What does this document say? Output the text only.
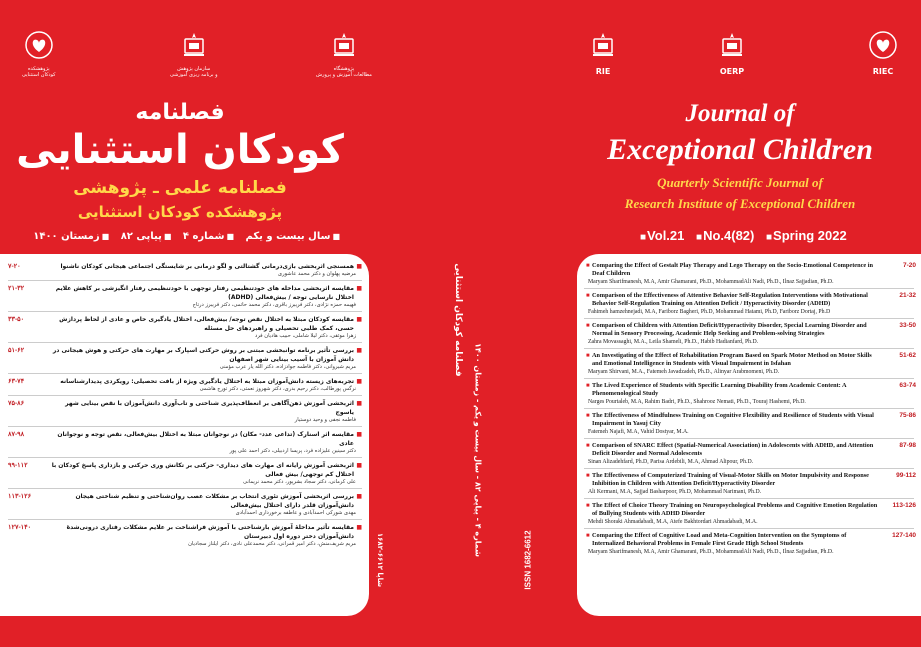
پژوهشکده
کودکان استثنایی
سازمان پژوهش
و برنامه ریزی آموزشی
پژوهشگاه
مطالعات آموزش و پرورش	RIE	OERP	RIEC
فصلنامه
کودکان استثنایی
فصلنامه علمی ـ پژوهشی
پژوهشکده کودکان استثنایی
■ سال بیست و یکم ■ شماره ۴ ■ پیاپی ۸۲ ■ زمستان ۱۴۰۰
Journal of
Exceptional Children
Quarterly Scientific Journal of
Research Institute of Exceptional Children
■ Vol.21 ■ No.4(82) ■ Spring 2022
فصلنامه کودکان استثنایی شماره ۴ - پیاپی ۸۲ - سال بیست و یکم - زمستان ۱۴۰۰	ISSN 1682-6612
شاپا ۶۶۱۲-۱۶۸۲
۷-۲۰	■ همسنجی اثربخشی بازی‌درمانی گشتالتی و لگو درمانی بر شایستگی اجتماعی هیجانی کودکان ناشنوا
مرضیه پهلوان و دکتر محمد عاشوری
۲۱-۳۲	■ مقایسه اثربخشی مداخله های خودتنظیمی رفتار توجهی با خودتنظیمی رفتار انگیزشی بر کاهش علایم اختلال نارسایی توجه / بیش‌فعالی (ADHD)
فهیمه حمزه نژادی، دکتر فریبرز باقری، دکتر محمد حاتمی، دکتر فریبرز درتاج
۳۳-۵۰	■ مقایسه کودکان مبتلا به اختلال نقص توجه/ بیش‌فعالی، اختلال یادگیری خاص و عادی از لحاظ پردازش حسی، کمک طلبی تحصیلی و راهبردهای حل مسئله
زهرا موثقی، دکتر لیلا شاملی، حبیب هادیان فرد
۵۱-۶۲	■ بررسی تأثیر برنامه توانبخشی مبتنی بر روش حرکتی اسپارک بر مهارت های حرکتی و هوش هیجانی در دانش آموزان با آسیب بینایی شهر اصفهان
مریم شیروانی، دکتر فاطمه جوادزاده، دکتر الله یار عرب مؤمنی
۶۳-۷۴	■ تجربه‌های زیسته دانش‌آموزان مبتلا به اختلال یادگیری ویژه از بافت تحصیلی: رویکردی پدیدارشناسانه
نرگس پورطالب، دکتر رحیم بدری، دکتر شهروز نعمتی، دکتر تورج هاشمی
۷۵-۸۶	■ اثربخشی آموزش ذهن‌آگاهی بر انعطاف‌پذیری شناختی و تاب‌آوری دانش‌آموزان با نقص بینایی شهر یاسوج
فاطمه نجفی و وحید دوستیار
۸۷-۹۸	■ مقایسه اثر اسنارک (تداعی عدد- مکان) در نوجوانان مبتلا به اختلال بیش‌فعالی، نقص توجه و نوجوانان عادی
دکتر سینین علیزاده فرد، پریسا اردبیلی، دکتر احمد علی پور
۹۹-۱۱۲	■ اثربخشی آموزش رایانه ای مهارت های دیداری- حرکتی بر تکانش وری حرکتی و بازداری پاسخ کودکان با اختلال کم توجهی/ بیش فعالی
علی کرمانی، دکتر سجاد بشرپور، دکتر محمد نریمانی
۱۱۳-۱۲۶	■ بررسی اثربخشی آموزش تئوری انتخاب بر مشکلات عصب روان‌شناختی و تنظیم شناختی هیجان دانش‌آموزان قلدر دارای اختلال بیش‌فعالی
مهدی شورکی احمدآبادی و عاطفه برخورداری احمدآبادی
۱۲۷-۱۴۰	■ مقایسه تأثیر مداخلهٔ آموزش بارشناختی با آموزش فراشناخت بر علایم مشکلات رفتاری درونی‌شدهٔ دانش‌آموزان دختر دوره اول دبیرستان
مریم شریف‌منش، دکتر امیر قمرانی، دکتر محمدعلی نادی، دکتر ایلناز سجادیان
7-20
■ Comparing the Effect of Gestalt Play Therapy and Lego Therapy on the Socio-Emotional Competence in Deaf Children
Maryam Sharifmanesh, M.A, Amir Ghamarani, Ph.D., MohammadAli Nadi, Ph.D., Ilnaz Sajjadian, Ph.D.
21-32
■ Comparison of the Effectiveness of Attentive Behavior Self-Regulation Interventions with Motivational Behavior Self-Regulation Training on Attention Deficit / Hyperactivity Disorder (ADHD)
Fahimeh hamzehnejadi, M.A, Fariborz Bagheri, Ph.D, Mohammad Hatami, Ph.D, Fariborz Dortaj, Ph.D
33-50
■ Comparison of Children with Attention Deficit/Hyperactivity Disorder, Special Learning Disorder and Normal in Sensory Processing, Academic Help Seeking and Problem-solving Strategies
Zahra Movassaghi, M.A., Leila Shameli, Ph.D., Habib Hadianfard, Ph.D.
51-62
■ An Investigating of the Effect of Rehabilitation Program Based on Spark Motor Method on Motor Skills and Emotional Intelligence in Students with Visual Impairment in Isfahan
Maryam Shirvani, M.A., Fatemeh Javadzadeh, Ph.D., Alinyar Arabmomeni, Ph.D.
63-74
■ The Lived Experience of Students with Specific Learning Disability from Academic Content: A Phenomenological Study
Narges Pourtaleb, M.A, Rahim Badri, Ph.D., Shahrooz Nemati, Ph.D., Touraj Hashemi, Ph.D.
75-86
■ The Effectiveness of Mindfulness Training on Cognitive Flexibility and Resilience of Students with Visual Impairment in Yasuj City
Fatemeh Najafi, M.A, Vahid Dostyar, M.A.
87-98
■ Comparison of SNARC Effect (Spatial-Numerical Association) in Adolescents with ADHD, and Attention Deficit Disorder and Normal Adolescents
Sinan Alizadehfard, Ph.D, Parisa Ardebili, M.A, Ahmad Alipour, Ph.D.
99-112
■ The Effectiveness of Computerized Training of Visual-Motor Skills on Motor Impulsivity and Response Inhibition in Children with Attention Deficit/Hyperactivity Disorder
Ali Kermani, M.A, Sajjad Basharpoor, Ph.D, Mohammad Narimani, Ph.D.
113-126
■ The Effect of Choice Theory Training on Neuropsychological Problems and Cognitive Emotion Regulation of Bullying Students with ADHD Disorder
Mehdi Shoraki Ahmadabadi, M.A, Atefe Bakhtordari Ahmadabadi, M.A.
127-140
■ Comparing the Effect of Cognitive Load and Meta-Cognition Intervention on the Symptoms of Internalized Behavioral Problems in Female First Grade High School Students
Maryam Sharifmanesh, M.A, Amir Ghamarani, Ph.D., MohammadAli Nadi, Ph.D., Ilnaz Sajjadian, Ph.D.
